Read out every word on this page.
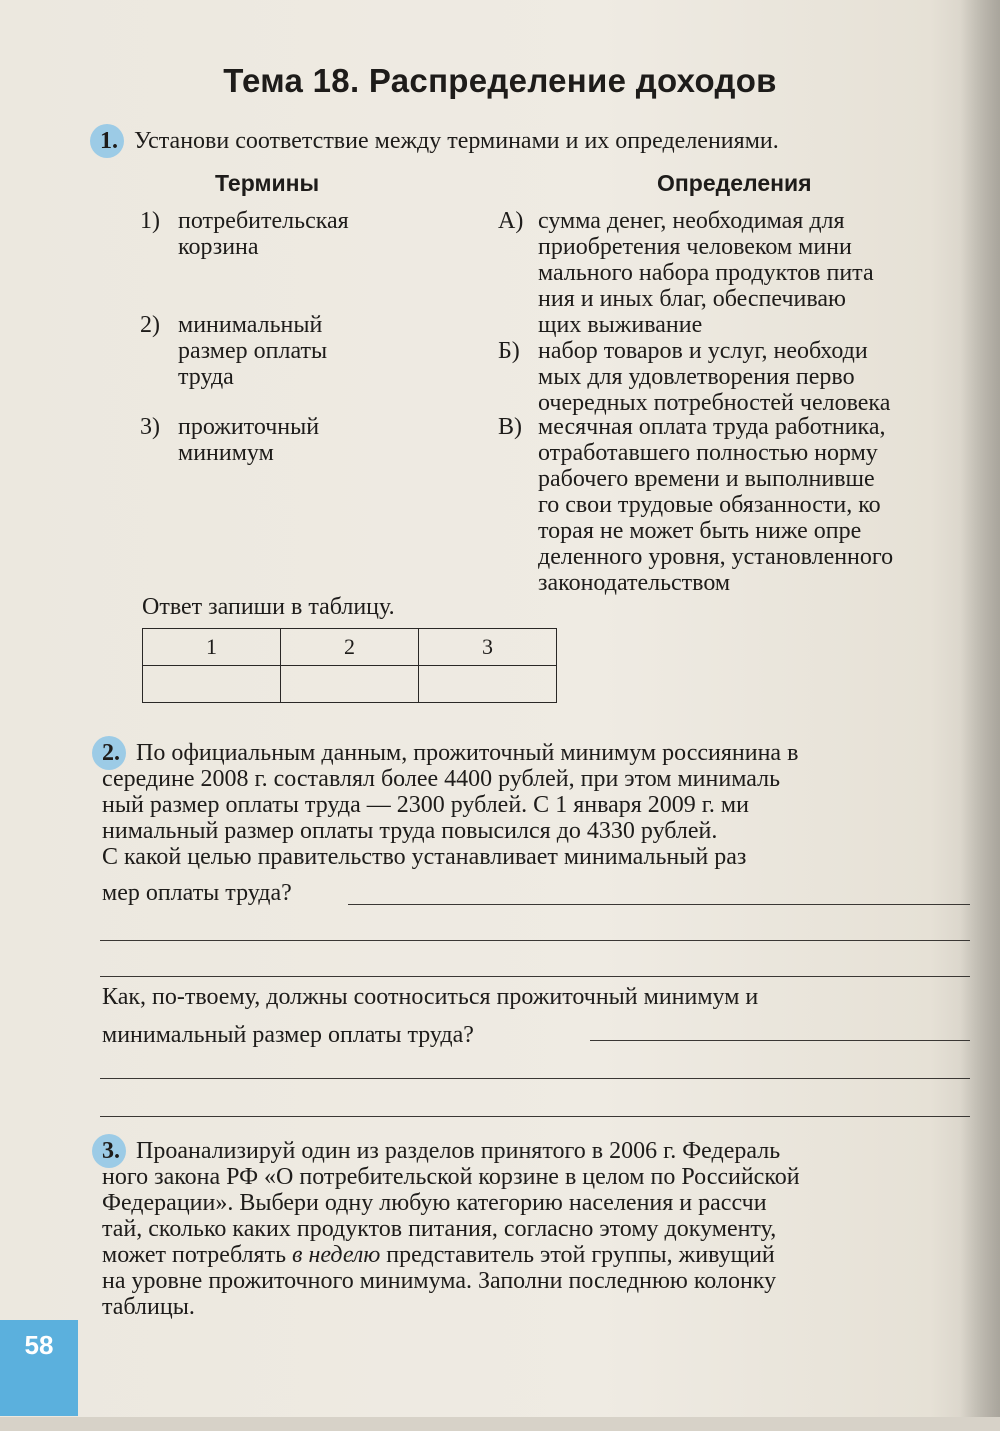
Тема 18. Распределение доходов
1. Установи соответствие между терминами и их определениями.
Термины	Определения
1) потребительская
корзина
2) минимальный
размер оплаты
труда
3) прожиточный
минимум
А) сумма денег, необходимая для
приобретения человеком мини
мального набора продуктов пита
ния и иных благ, обеспечиваю
щих выживание
Б) набор товаров и услуг, необходи
мых для удовлетворения перво
очередных потребностей человека
В) месячная оплата труда работника,
отработавшего полностью норму
рабочего времени и выполнивше
го свои трудовые обязанности, ко
торая не может быть ниже опре
деленного уровня, установленного
законодательством
Ответ запиши в таблицу.
1	2	3

2. По официальным данным, прожиточный минимум россиянина в
середине 2008 г. составлял более 4400 рублей, при этом минималь
ный размер оплаты труда — 2300 рублей. С 1 января 2009 г. ми
нимальный размер оплаты труда повысился до 4330 рублей.
С какой целью правительство устанавливает минимальный раз
мер оплаты труда?
Как, по-твоему, должны соотноситься прожиточный минимум и
минимальный размер оплаты труда?
3. Проанализируй один из разделов принятого в 2006 г. Федераль
ного закона РФ «О потребительской корзине в целом по Российской
Федерации». Выбери одну любую категорию населения и рассчи
тай, сколько каких продуктов питания, согласно этому документу,
может потреблять в неделю представитель этой группы, живущий
на уровне прожиточного минимума. Заполни последнюю колонку
таблицы.
58
